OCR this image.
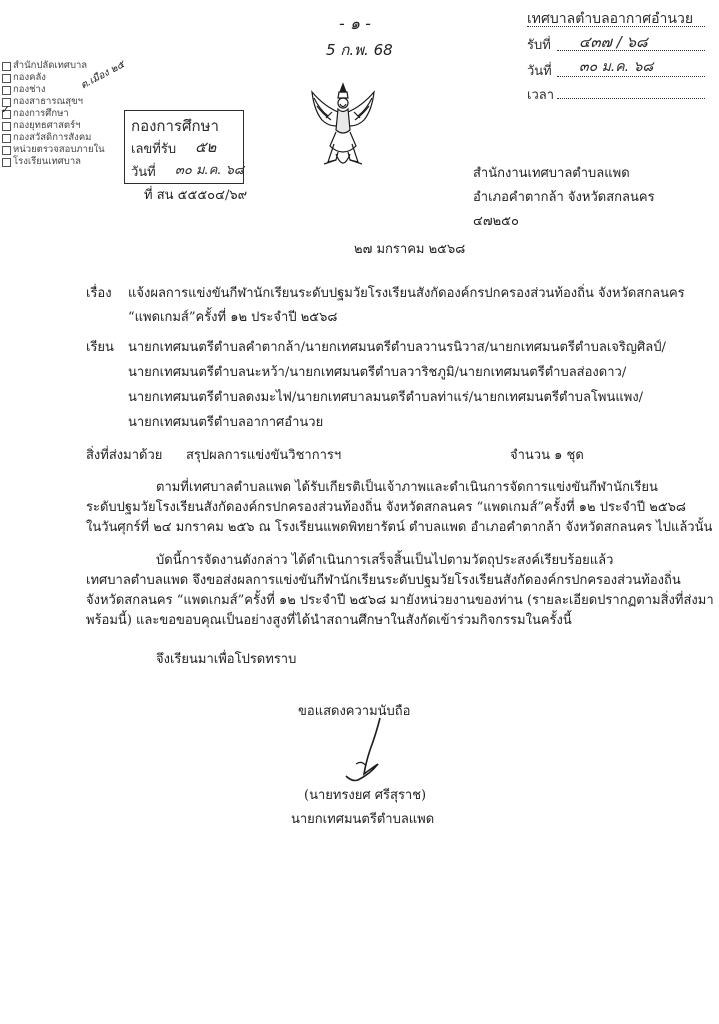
- ๑ -
5 ก.พ. 68
ต.เมือง ๒๕
เทศบาลตำบลอากาศอำนวย
รับที่ ๔๓๗ / ๖๘
วันที่ ๓๐ ม.ค. ๖๘
เวลา
สำนักปลัดเทศบาล
กองคลัง
กองช่าง
กองสาธารณสุขฯ
✓ กองการศึกษา
กองยุทธศาสตร์ฯ
กองสวัสดิการสังคม
หน่วยตรวจสอบภายใน
โรงเรียนเทศบาล
กองการศึกษา
เลขที่รับ ๕๒
วันที่ ๓๐ ม.ค. ๖๘
ที่ สน ๕๕๕๐๔/๖๙
สำนักงานเทศบาลตำบลแพด
อำเภอคำตากล้า จังหวัดสกลนคร
๔๗๒๕๐
๒๗ มกราคม ๒๕๖๘
เรื่อง แจ้งผลการแข่งขันกีฬานักเรียนระดับปฐมวัยโรงเรียนสังกัดองค์กรปกครองส่วนท้องถิ่น จังหวัดสกลนคร
“แพดเกมส์”ครั้งที่ ๑๒ ประจำปี ๒๕๖๘
เรียน นายกเทศมนตรีตำบลคำตากล้า/นายกเทศมนตรีตำบลวานรนิวาส/นายกเทศมนตรีตำบลเจริญศิลป์/
นายกเทศมนตรีตำบลนะหว้า/นายกเทศมนตรีตำบลวาริชภูมิ/นายกเทศมนตรีตำบลส่องดาว/
นายกเทศมนตรีตำบลดงมะไฟ/นายกเทศบาลมนตรีตำบลท่าแร่/นายกเทศมนตรีตำบลโพนแพง/
นายกเทศมนตรีตำบลอากาศอำนวย
สิ่งที่ส่งมาด้วย สรุปผลการแข่งขันวิชาการฯ	จำนวน ๑ ชุด
ตามที่เทศบาลตำบลแพด ได้รับเกียรติเป็นเจ้าภาพและดำเนินการจัดการแข่งขันกีฬานักเรียน
ระดับปฐมวัยโรงเรียนสังกัดองค์กรปกครองส่วนท้องถิ่น จังหวัดสกลนคร “แพดเกมส์”ครั้งที่ ๑๒ ประจำปี ๒๕๖๘
ในวันศุกร์ที่ ๒๔ มกราคม ๒๕๖ ณ โรงเรียนแพดพิทยารัตน์ ตำบลแพด อำเภอคำตากล้า จังหวัดสกลนคร ไปแล้วนั้น
บัดนี้การจัดงานดังกล่าว ได้ดำเนินการเสร็จสิ้นเป็นไปตามวัตถุประสงค์เรียบร้อยแล้ว
เทศบาลตำบลแพด จึงขอส่งผลการแข่งขันกีฬานักเรียนระดับปฐมวัยโรงเรียนสังกัดองค์กรปกครองส่วนท้องถิ่น
จังหวัดสกลนคร “แพดเกมส์”ครั้งที่ ๑๒ ประจำปี ๒๕๖๘ มายังหน่วยงานของท่าน (รายละเอียดปรากฏตามสิ่งที่ส่งมา
พร้อมนี้) และขอขอบคุณเป็นอย่างสูงที่ได้นำสถานศึกษาในสังกัดเข้าร่วมกิจกรรมในครั้งนี้
จึงเรียนมาเพื่อโปรดทราบ
ขอแสดงความนับถือ
(นายทรงยศ ศรีสุราช)
นายกเทศมนตรีตำบลแพด
